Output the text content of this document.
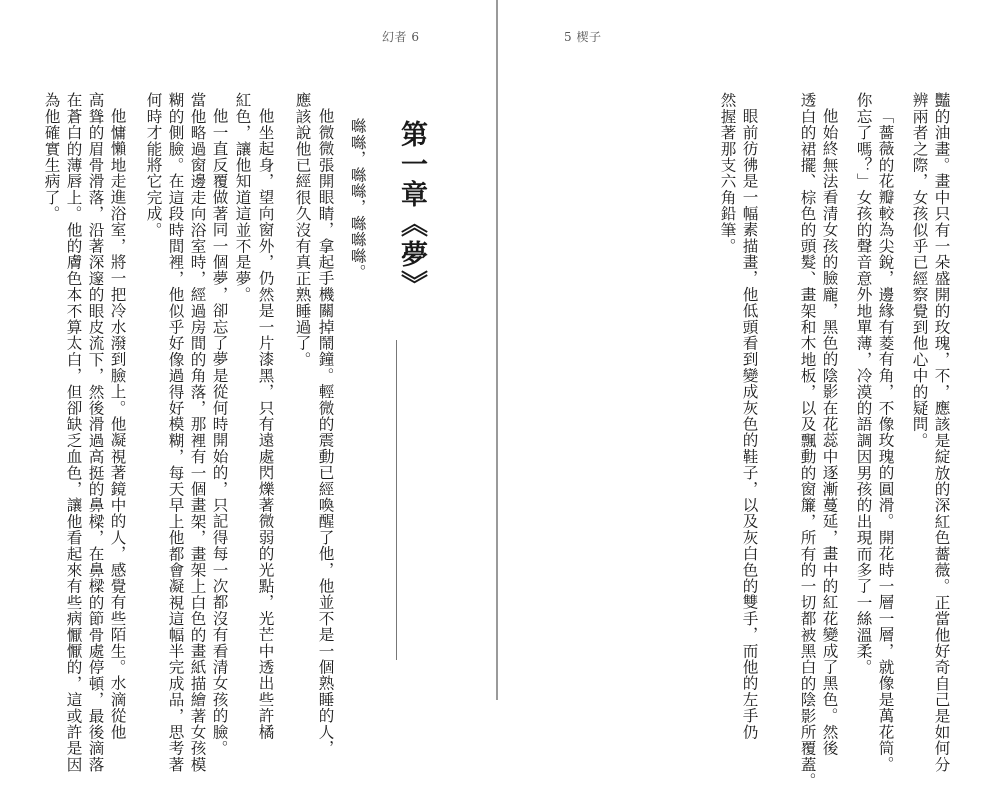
幻者 6
第一章《夢》
噝噝，噝噝，噝噝噝。
他微微張開眼睛，拿起手機關掉鬧鐘。輕微的震動已經喚醒了他，他並不是一個熟睡的人，
應該說他已經很久沒有真正熟睡過了。
他坐起身，望向窗外，仍然是一片漆黑，只有遠處閃爍著微弱的光點，光芒中透出些許橘
紅色，讓他知道這並不是夢。
他一直反覆做著同一個夢，卻忘了夢是從何時開始的，只記得每一次都沒有看清女孩的臉。
當他略過窗邊走向浴室時，經過房間的角落，那裡有一個畫架，畫架上白色的畫紙描繪著女孩模
糊的側臉。在這段時間裡，他似乎好像過得好模糊，每天早上他都會凝視這幅半完成品，思考著
何時才能將它完成。
他慵懶地走進浴室，將一把冷水潑到臉上。他凝視著鏡中的人，感覺有些陌生。水滴從他
高聳的眉骨滑落，沿著深邃的眼皮流下，然後滑過高挺的鼻樑，在鼻樑的節骨處停頓，最後滴落
在蒼白的薄唇上。他的膚色本不算太白，但卻缺乏血色，讓他看起來有些病懨懨的，這或許是因
為他確實生病了。
5 楔子
豔的油畫。畫中只有一朵盛開的玫瑰，不，應該是綻放的深紅色薔薇。正當他好奇自己是如何分
辨兩者之際，女孩似乎已經察覺到他心中的疑問。
「薔薇的花瓣較為尖銳，邊緣有菱有角，不像玫瑰的圓滑。開花時一層一層，就像是萬花筒。
你忘了嗎？」女孩的聲音意外地單薄，冷漠的語調因男孩的出現而多了一絲溫柔。
他始終無法看清女孩的臉龐，黑色的陰影在花蕊中逐漸蔓延，畫中的紅花變成了黑色。然後
透白的裙擺、棕色的頭髮、畫架和木地板，以及飄動的窗簾，所有的一切都被黑白的陰影所覆蓋。
眼前彷彿是一幅素描畫，他低頭看到變成灰色的鞋子，以及灰白色的雙手，而他的左手仍
然握著那支六角鉛筆。
